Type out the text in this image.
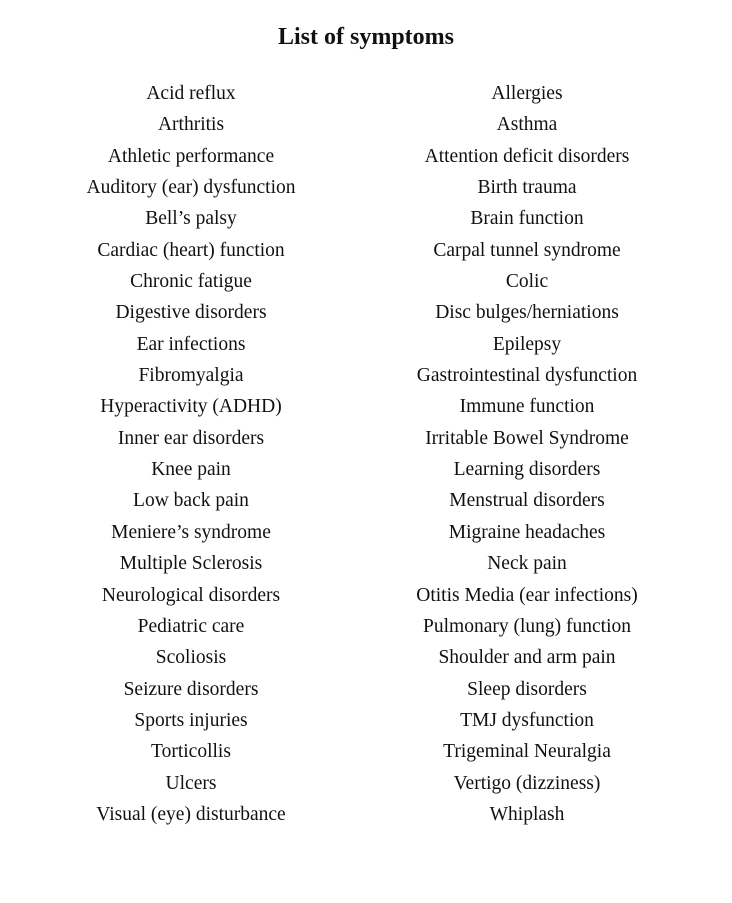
List of symptoms
Acid reflux
Arthritis
Athletic performance
Auditory (ear) dysfunction
Bell’s palsy
Cardiac (heart) function
Chronic fatigue
Digestive disorders
Ear infections
Fibromyalgia
Hyperactivity (ADHD)
Inner ear disorders
Knee pain
Low back pain
Meniere’s syndrome
Multiple Sclerosis
Neurological disorders
Pediatric care
Scoliosis
Seizure disorders
Sports injuries
Torticollis
Ulcers
Visual (eye) disturbance
Allergies
Asthma
Attention deficit disorders
Birth trauma
Brain function
Carpal tunnel syndrome
Colic
Disc bulges/herniations
Epilepsy
Gastrointestinal dysfunction
Immune function
Irritable Bowel Syndrome
Learning disorders
Menstrual disorders
Migraine headaches
Neck pain
Otitis Media (ear infections)
Pulmonary (lung) function
Shoulder and arm pain
Sleep disorders
TMJ dysfunction
Trigeminal Neuralgia
Vertigo (dizziness)
Whiplash
